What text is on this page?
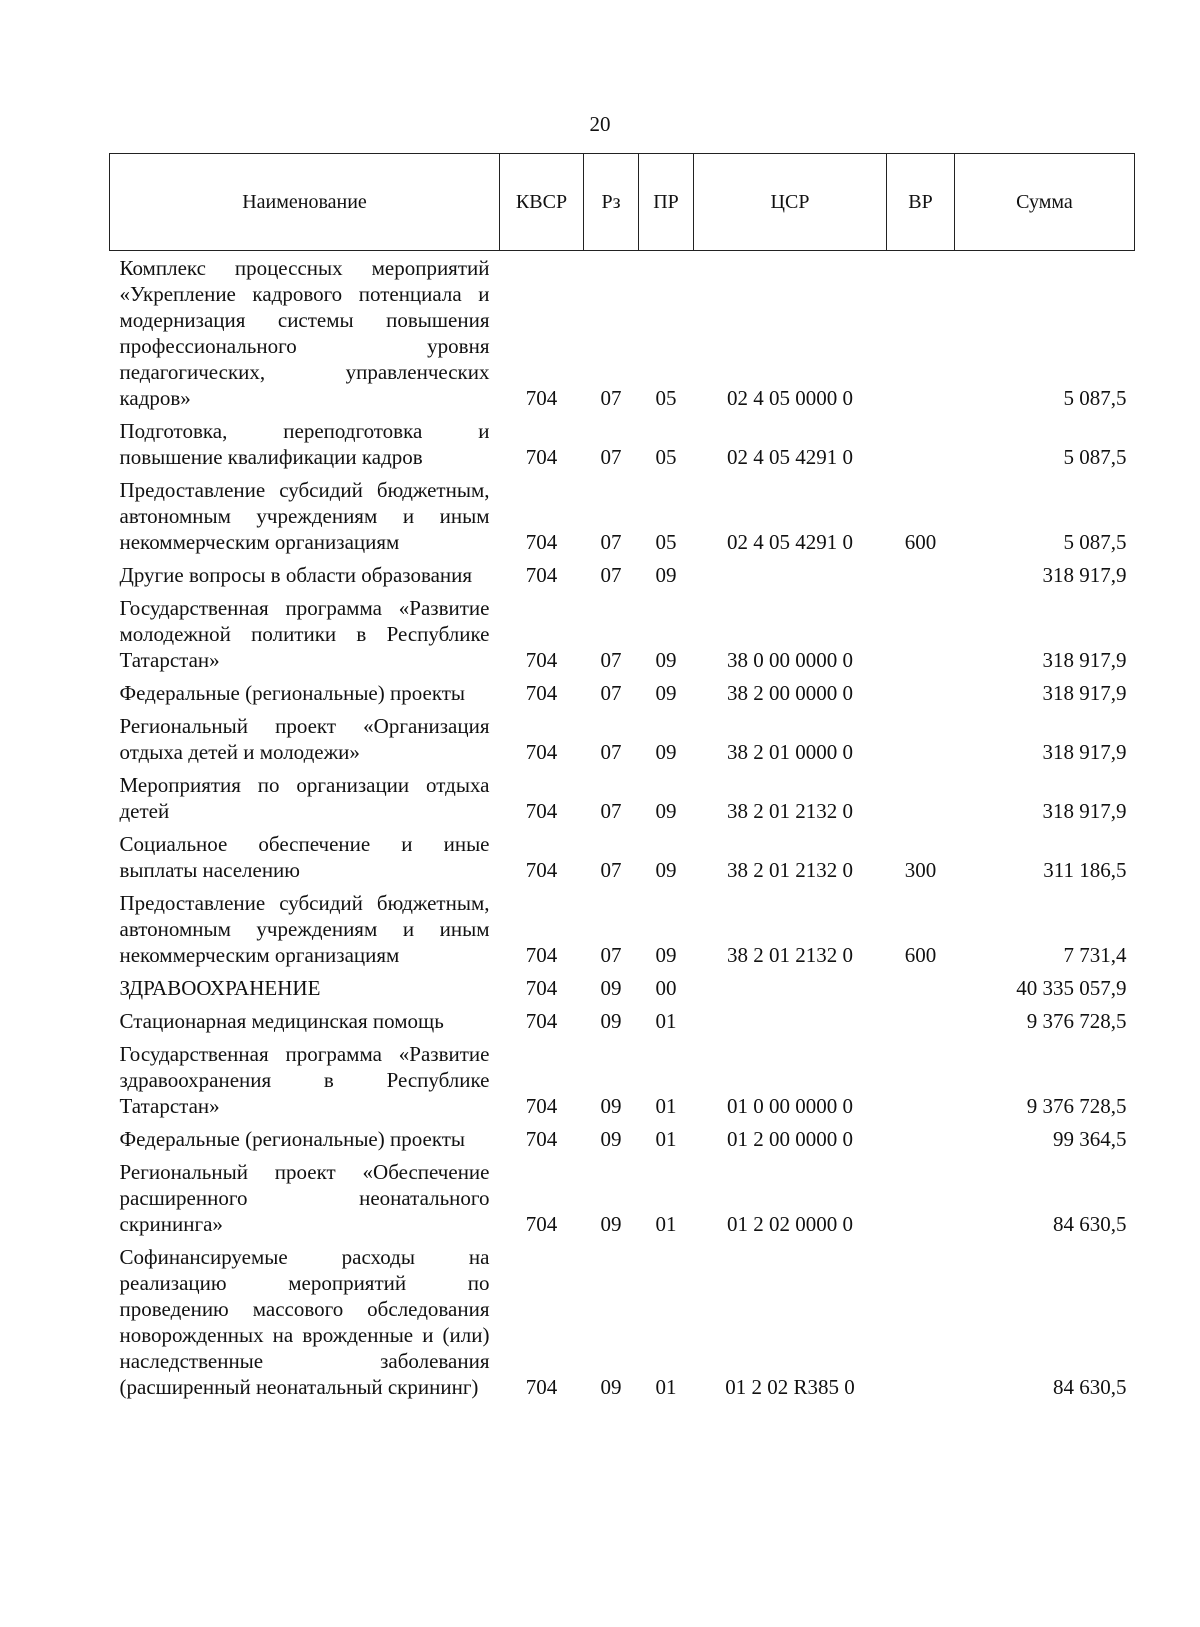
20
Наименование	КВСР	Рз	ПР	ЦСР	ВР	Сумма
Комплекс процессных мероприятий «Укрепление кадрового потенциала и модернизация системы повышения профессионального уровня педагогических, управленческих кадров»	704	07	05	02 4 05 0000 0		5 087,5
Подготовка, переподготовка и повышение квалификации кадров	704	07	05	02 4 05 4291 0		5 087,5
Предоставление субсидий бюджетным, автономным учреждениям и иным некоммерческим организациям	704	07	05	02 4 05 4291 0	600	5 087,5
Другие вопросы в области образования	704	07	09			318 917,9
Государственная программа «Развитие молодежной политики в Республике Татарстан»	704	07	09	38 0 00 0000 0		318 917,9
Федеральные (региональные) проекты	704	07	09	38 2 00 0000 0		318 917,9
Региональный проект «Организация отдыха детей и молодежи»	704	07	09	38 2 01 0000 0		318 917,9
Мероприятия по организации отдыха детей	704	07	09	38 2 01 2132 0		318 917,9
Социальное обеспечение и иные выплаты населению	704	07	09	38 2 01 2132 0	300	311 186,5
Предоставление субсидий бюджетным, автономным учреждениям и иным некоммерческим организациям	704	07	09	38 2 01 2132 0	600	7 731,4
ЗДРАВООХРАНЕНИЕ	704	09	00			40 335 057,9
Стационарная медицинская помощь	704	09	01			9 376 728,5
Государственная программа «Развитие здравоохранения в Республике Татарстан»	704	09	01	01 0 00 0000 0		9 376 728,5
Федеральные (региональные) проекты	704	09	01	01 2 00 0000 0		99 364,5
Региональный проект «Обеспечение расширенного неонатального скрининга»	704	09	01	01 2 02 0000 0		84 630,5
Софинансируемые расходы на реализацию мероприятий по проведению массового обследования новорожденных на врожденные и (или) наследственные заболевания (расширенный неонатальный скрининг)	704	09	01	01 2 02 R385 0		84 630,5
